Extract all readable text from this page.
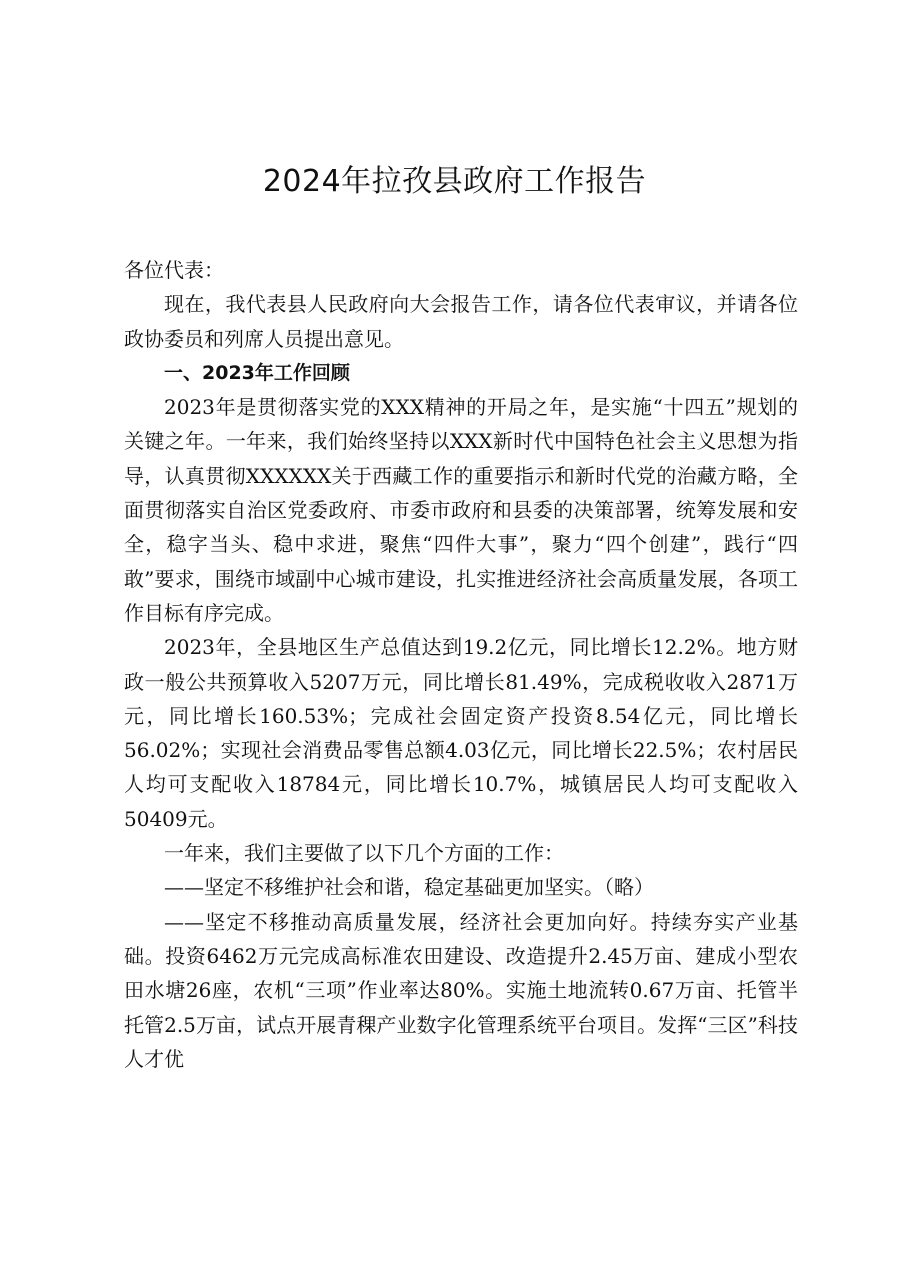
2024年拉孜县政府工作报告

各位代表：

现在，我代表县人民政府向大会报告工作，请各位代表审议，并请各位政协委员和列席人员提出意见。

一、2023年工作回顾

2023年是贯彻落实党的XXX精神的开局之年，是实施“十四五”规划的关键之年。一年来，我们始终坚持以XXX新时代中国特色社会主义思想为指导，认真贯彻XXXXXX关于西藏工作的重要指示和新时代党的治藏方略，全面贯彻落实自治区党委政府、市委市政府和县委的决策部署，统筹发展和安全，稳字当头、稳中求进，聚焦“四件大事”，聚力“四个创建”，践行“四敢”要求，围绕市域副中心城市建设，扎实推进经济社会高质量发展，各项工作目标有序完成。

2023年，全县地区生产总值达到19.2亿元，同比增长12.2%。地方财政一般公共预算收入5207万元，同比增长81.49%，完成税收收入2871万元，同比增长160.53%；完成社会固定资产投资8.54亿元，同比增长56.02%；实现社会消费品零售总额4.03亿元，同比增长22.5%；农村居民人均可支配收入18784元，同比增长10.7%，城镇居民人均可支配收入50409元。

一年来，我们主要做了以下几个方面的工作：

——坚定不移维护社会和谐，稳定基础更加坚实。（略）

——坚定不移推动高质量发展，经济社会更加向好。持续夯实产业基础。投资6462万元完成高标准农田建设、改造提升2.45万亩、建成小型农田水塘26座，农机“三项”作业率达80%。实施土地流转0.67万亩、托管半托管2.5万亩，试点开展青稞产业数字化管理系统平台项目。发挥“三区”科技人才优
